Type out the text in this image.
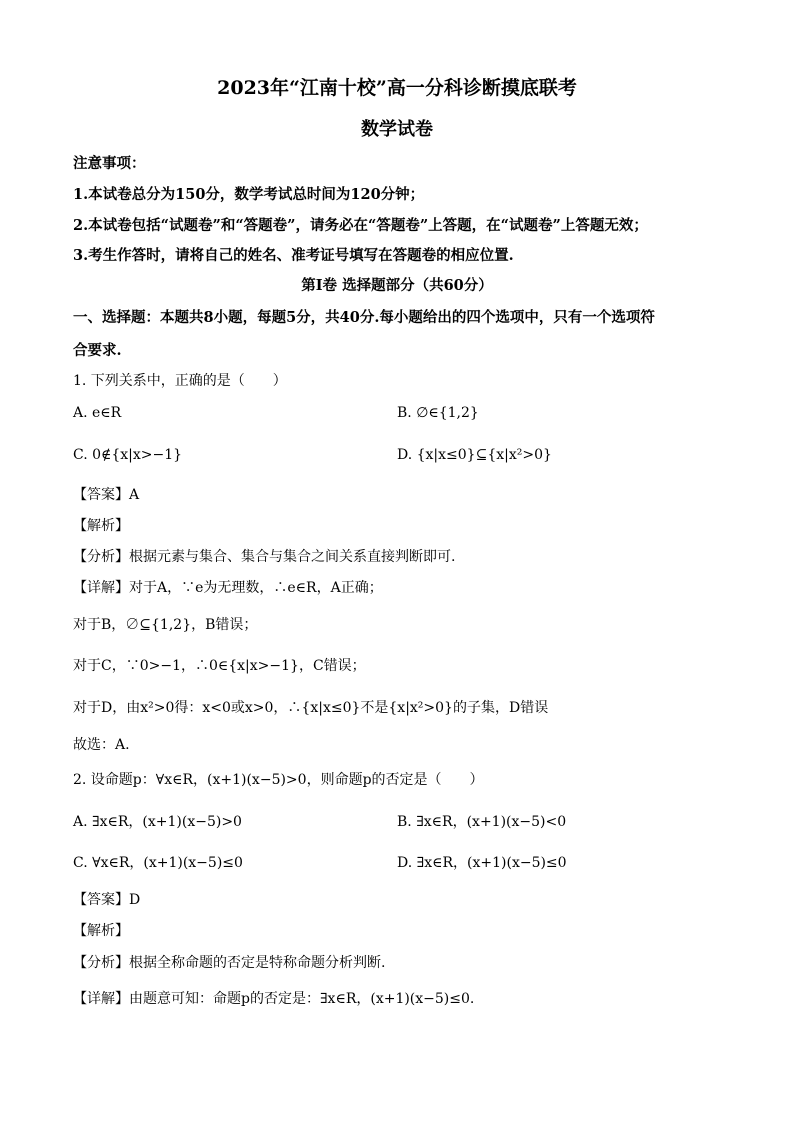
2023年“江南十校”高一分科诊断摸底联考
数学试卷
注意事项：
1.本试卷总分为150分，数学考试总时间为120分钟；
2.本试卷包括“试题卷”和“答题卷”，请务必在“答题卷”上答题，在“试题卷”上答题无效；
3.考生作答时，请将自己的姓名、准考证号填写在答题卷的相应位置.
第Ⅰ卷 选择题部分（共60分）
一、选择题：本题共8小题，每题5分，共40分.每小题给出的四个选项中，只有一个选项符
合要求.
1. 下列关系中，正确的是（　　）
A. e∈R	B. ∅∈{1,2}
C. 0∉{x|x>−1}	D. {x|x≤0}⊆{x|x²>0}
【答案】A
【解析】
【分析】根据元素与集合、集合与集合之间关系直接判断即可.
【详解】对于A，∵e为无理数，∴e∈R，A正确；
对于B，∅⊆{1,2}，B错误；
对于C，∵0>−1，∴0∈{x|x>−1}，C错误；
对于D，由x²>0得：x<0或x>0，∴{x|x≤0}不是{x|x²>0}的子集，D错误
故选：A.
2. 设命题p：∀x∈R，(x+1)(x−5)>0，则命题p的否定是（　　）
A. ∃x∈R，(x+1)(x−5)>0	B. ∃x∈R，(x+1)(x−5)<0
C. ∀x∈R，(x+1)(x−5)≤0	D. ∃x∈R，(x+1)(x−5)≤0
【答案】D
【解析】
【分析】根据全称命题的否定是特称命题分析判断.
【详解】由题意可知：命题p的否定是：∃x∈R，(x+1)(x−5)≤0.
